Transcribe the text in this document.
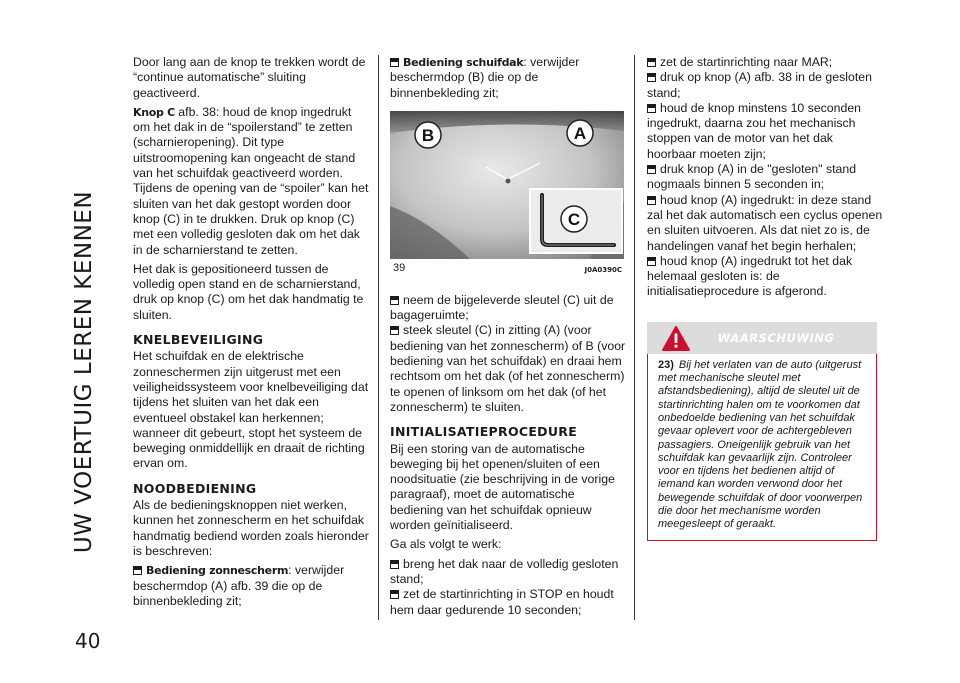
UW VOERTUIG LEREN KENNEN
40

Door lang aan de knop te trekken wordt de “continue automatische” sluiting geactiveerd.

Knop C afb. 38: houd de knop ingedrukt om het dak in de “spoilerstand” te zetten (scharnieropening). Dit type uitstroomopening kan ongeacht de stand van het schuifdak geactiveerd worden. Tijdens de opening van de “spoiler” kan het sluiten van het dak gestopt worden door knop (C) in te drukken. Druk op knop (C) met een volledig gesloten dak om het dak in de scharnierstand te zetten.

Het dak is gepositioneerd tussen de volledig open stand en de scharnierstand, druk op knop (C) om het dak handmatig te sluiten.

KNELBEVEILIGING

Het schuifdak en de elektrische zonneschermen zijn uitgerust met een veiligheidssysteem voor knelbeveiliging dat tijdens het sluiten van het dak een eventueel obstakel kan herkennen; wanneer dit gebeurt, stopt het systeem de beweging onmiddellijk en draait de richting ervan om.

NOODBEDIENING

Als de bedieningsknoppen niet werken, kunnen het zonnescherm en het schuifdak handmatig bediend worden zoals hieronder is beschreven:

Bediening zonnescherm: verwijder beschermdop (A) afb. 39 die op de binnenbekleding zit;

Bediening schuifdak: verwijder beschermdop (B) die op de binnenbekleding zit;

B	A
C
39	J0A0390C

neem de bijgeleverde sleutel (C) uit de bagageruimte;

steek sleutel (C) in zitting (A) (voor bediening van het zonnescherm) of B (voor bediening van het schuifdak) en draai hem rechtsom om het dak (of het zonnescherm) te openen of linksom om het dak (of het zonnescherm) te sluiten.

INITIALISATIEPROCEDURE

Bij een storing van de automatische beweging bij het openen/sluiten of een noodsituatie (zie beschrijving in de vorige paragraaf), moet de automatische bediening van het schuifdak opnieuw worden geïnitialiseerd.

Ga als volgt te werk:

breng het dak naar de volledig gesloten stand;

zet de startinrichting in STOP en houdt hem daar gedurende 10 seconden;

zet de startinrichting naar MAR;

druk op knop (A) afb. 38 in de gesloten stand;

houd de knop minstens 10 seconden ingedrukt, daarna zou het mechanisch stoppen van de motor van het dak hoorbaar moeten zijn;

druk knop (A) in de "gesloten" stand nogmaals binnen 5 seconden in;

houd knop (A) ingedrukt: in deze stand zal het dak automatisch een cyclus openen en sluiten uitvoeren. Als dat niet zo is, de handelingen vanaf het begin herhalen;

houd knop (A) ingedrukt tot het dak helemaal gesloten is: de initialisatieprocedure is afgerond.

WAARSCHUWING
23) Bij het verlaten van de auto (uitgerust met mechanische sleutel met afstandsbediening), altijd de sleutel uit de startinrichting halen om te voorkomen dat onbedoelde bediening van het schuifdak gevaar oplevert voor de achtergebleven passagiers. Oneigenlijk gebruik van het schuifdak kan gevaarlijk zijn. Controleer voor en tijdens het bedienen altijd of iemand kan worden verwond door het bewegende schuifdak of door voorwerpen die door het mechanisme worden meegesleept of geraakt.
